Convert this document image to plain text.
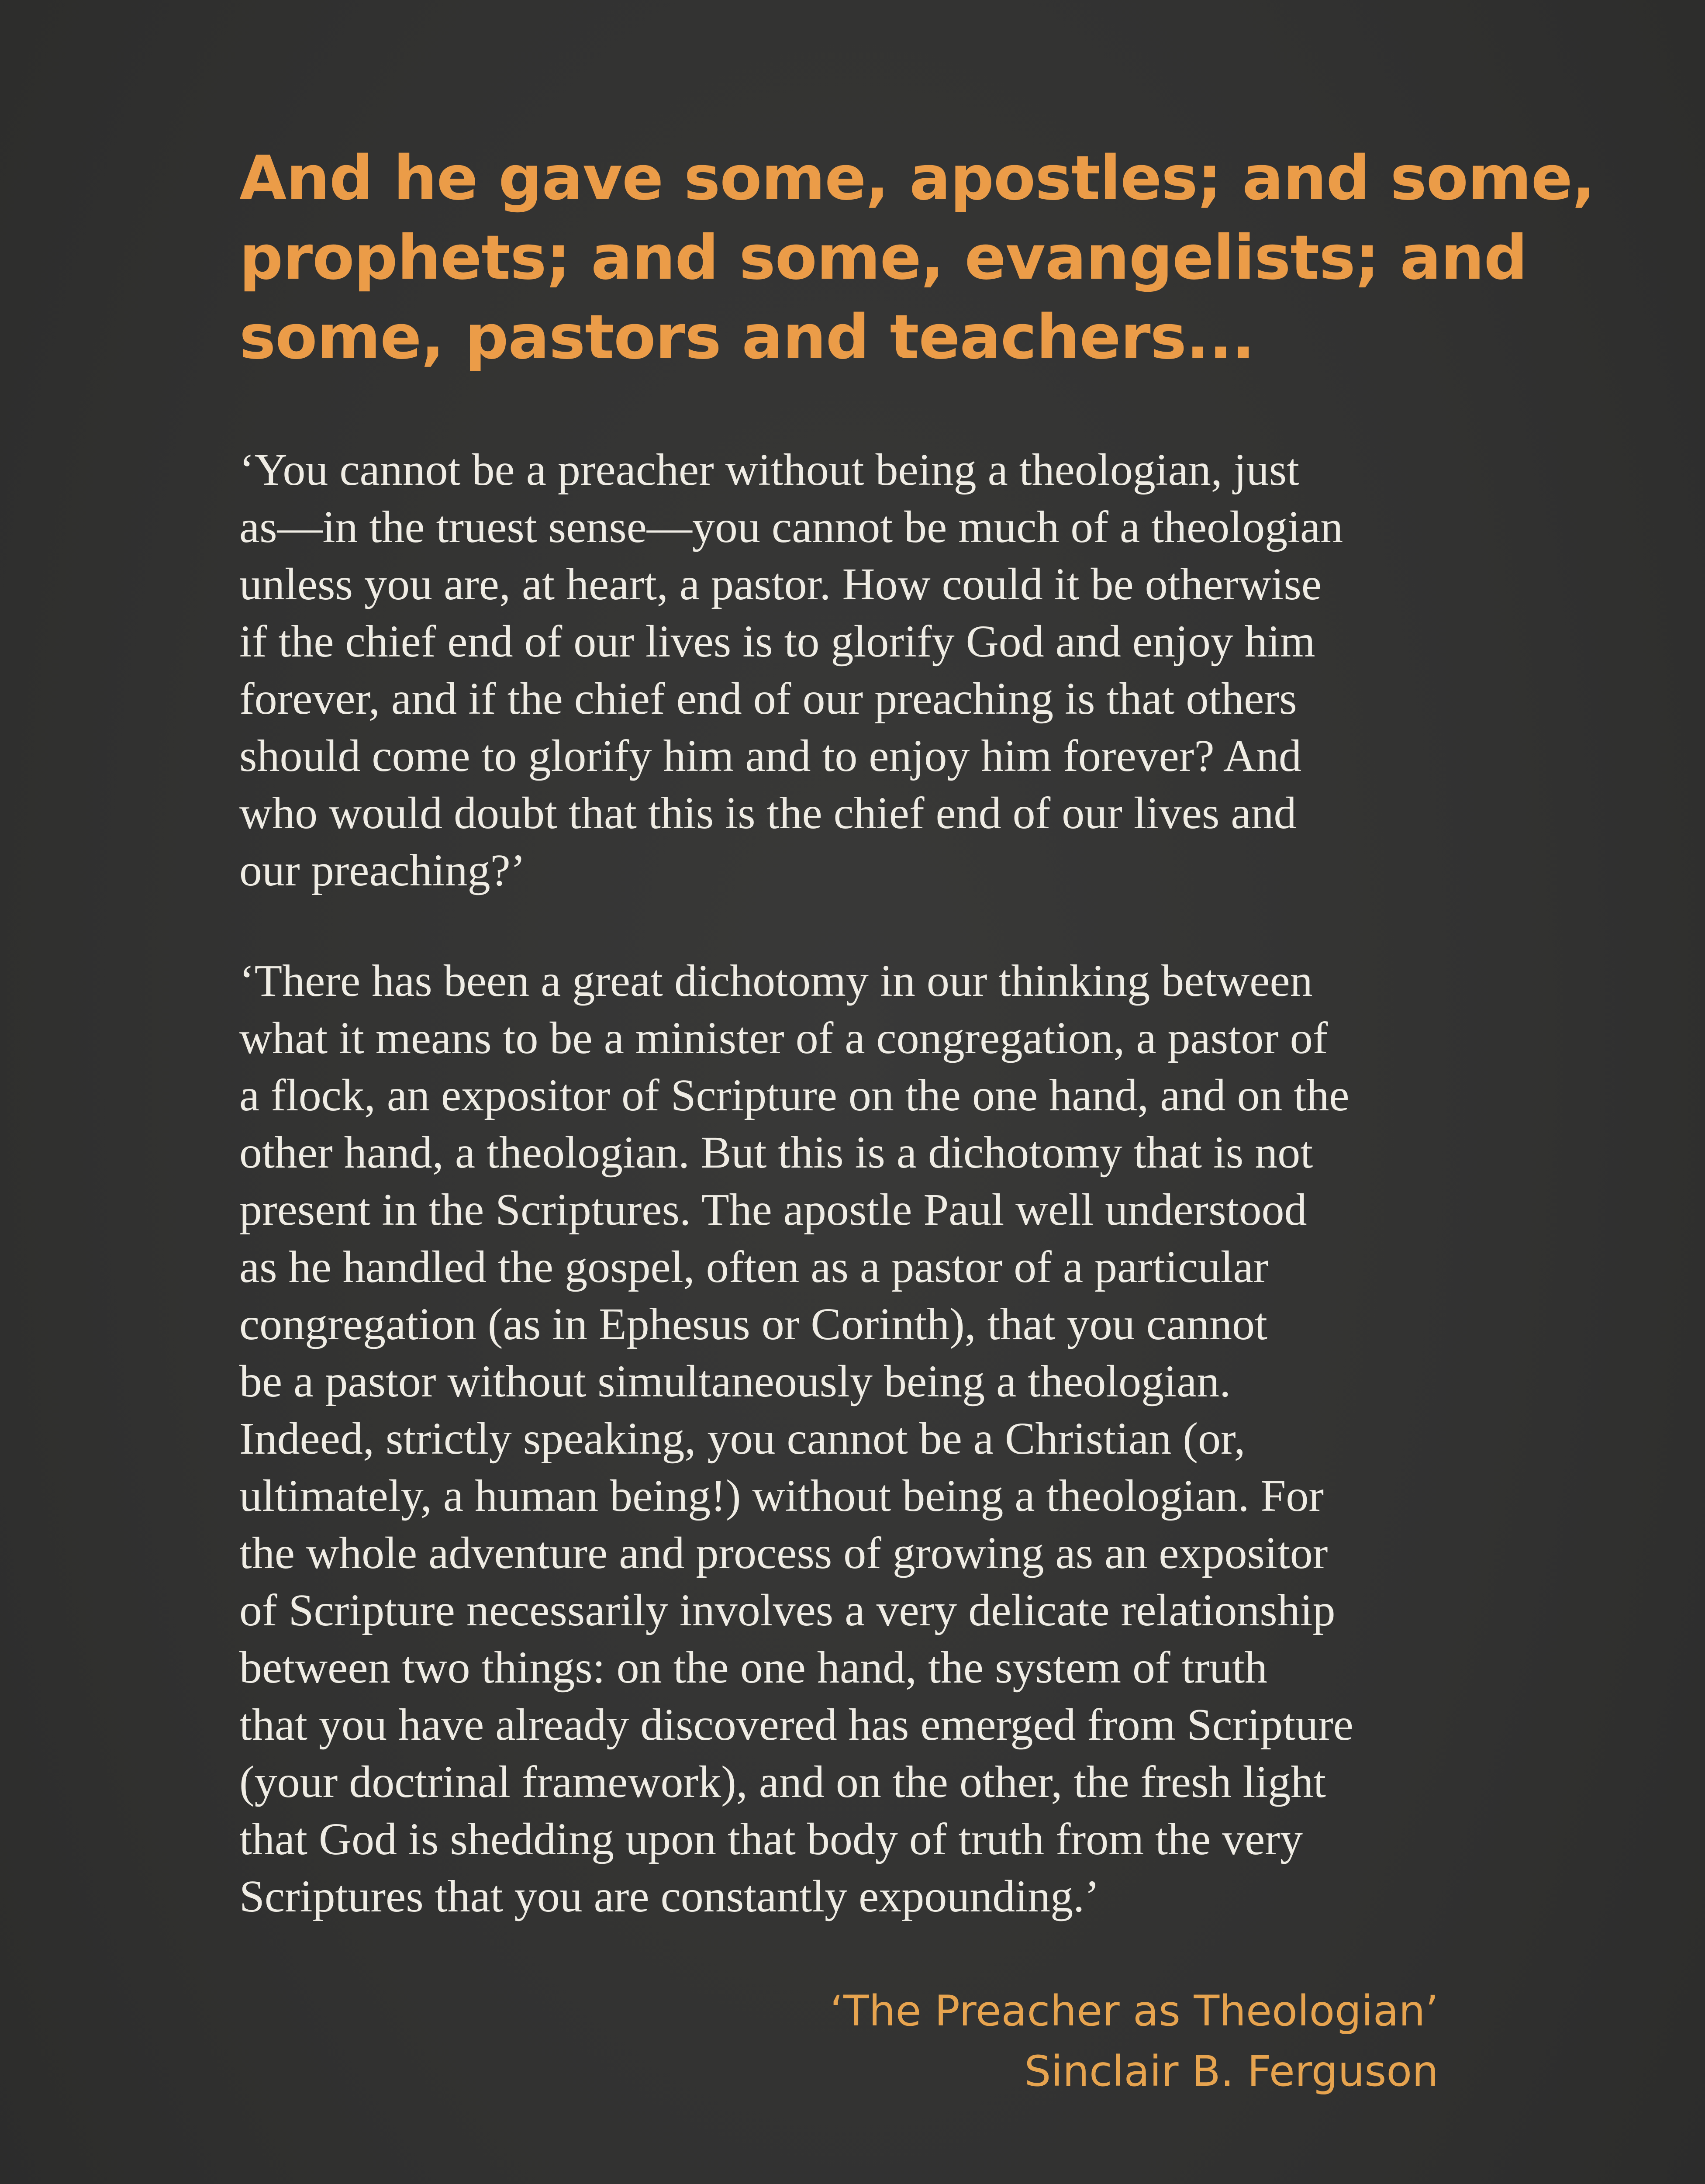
And he gave some, apostles; and some,
prophets; and some, evangelists; and
some, pastors and teachers...
‘You cannot be a preacher without being a theologian, just
as—in the truest sense—you cannot be much of a theologian
unless you are, at heart, a pastor. How could it be otherwise
if the chief end of our lives is to glorify God and enjoy him
forever, and if the chief end of our preaching is that others
should come to glorify him and to enjoy him forever? And
who would doubt that this is the chief end of our lives and
our preaching?’
‘There has been a great dichotomy in our thinking between
what it means to be a minister of a congregation, a pastor of
a flock, an expositor of Scripture on the one hand, and on the
other hand, a theologian. But this is a dichotomy that is not
present in the Scriptures. The apostle Paul well understood
as he handled the gospel, often as a pastor of a particular
congregation (as in Ephesus or Corinth), that you cannot
be a pastor without simultaneously being a theologian.
Indeed, strictly speaking, you cannot be a Christian (or,
ultimately, a human being!) without being a theologian. For
the whole adventure and process of growing as an expositor
of Scripture necessarily involves a very delicate relationship
between two things: on the one hand, the system of truth
that you have already discovered has emerged from Scripture
(your doctrinal framework), and on the other, the fresh light
that God is shedding upon that body of truth from the very
Scriptures that you are constantly expounding.’
‘The Preacher as Theologian’
Sinclair B. Ferguson
